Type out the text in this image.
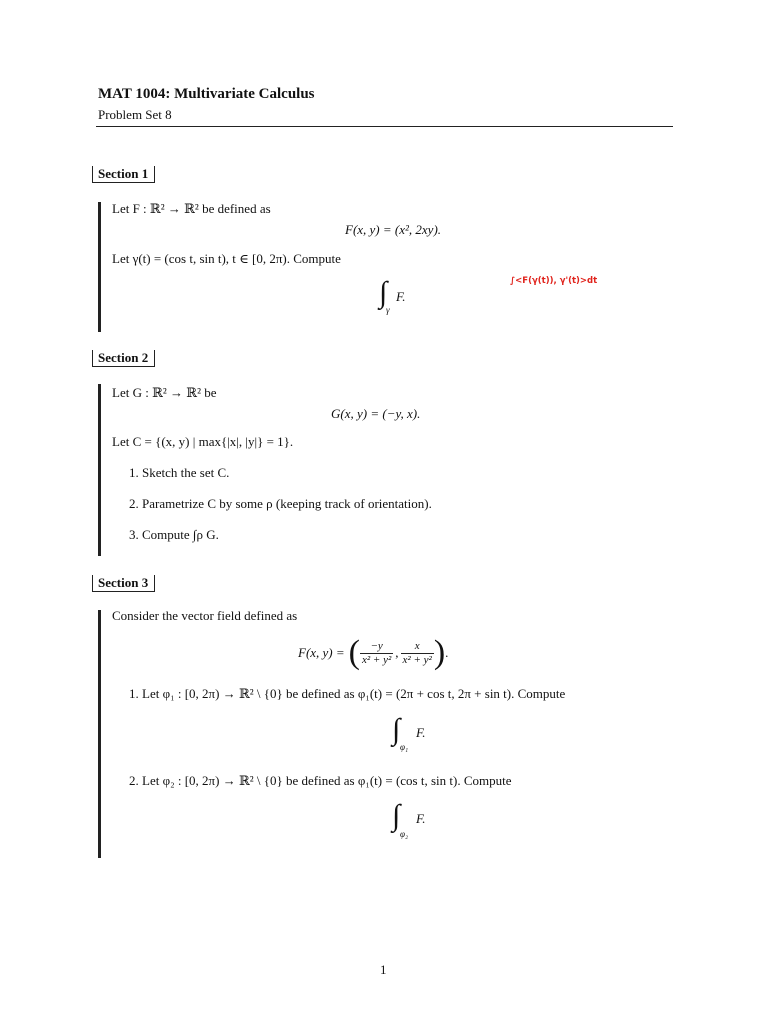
MAT 1004: Multivariate Calculus
Problem Set 8
Section 1
Let F : ℝ² → ℝ² be defined as
F(x, y) = (x², 2xy).
Let γ(t) = (cos t, sin t), t ∈ [0, 2π). Compute
∫
γ
F.
∫<F(γ(t)), γ'(t)>dt
Section 2
Let G : ℝ² → ℝ² be
G(x, y) = (−y, x).
Let C = {(x, y) | max{|x|, |y|} = 1}.
1. Sketch the set C.
2. Parametrize C by some ρ (keeping track of orientation).
3. Compute ∫ρ G.
Section 3
Consider the vector field defined as
F(x, y) = ( $\frac{-y}{\text{x² + y²}}$ , $\frac{x}{\text{x² + y²}}$ ) .
1. Let φ₁ : [0, 2π) → ℝ² \ {0} be defined as φ₁(t) = (2π + cos t, 2π + sin t). Compute
∫
φ₁
F.
2. Let φ₂ : [0, 2π) → ℝ² \ {0} be defined as φ₁(t) = (cos t, sin t). Compute
∫
φ₂
F.
1
